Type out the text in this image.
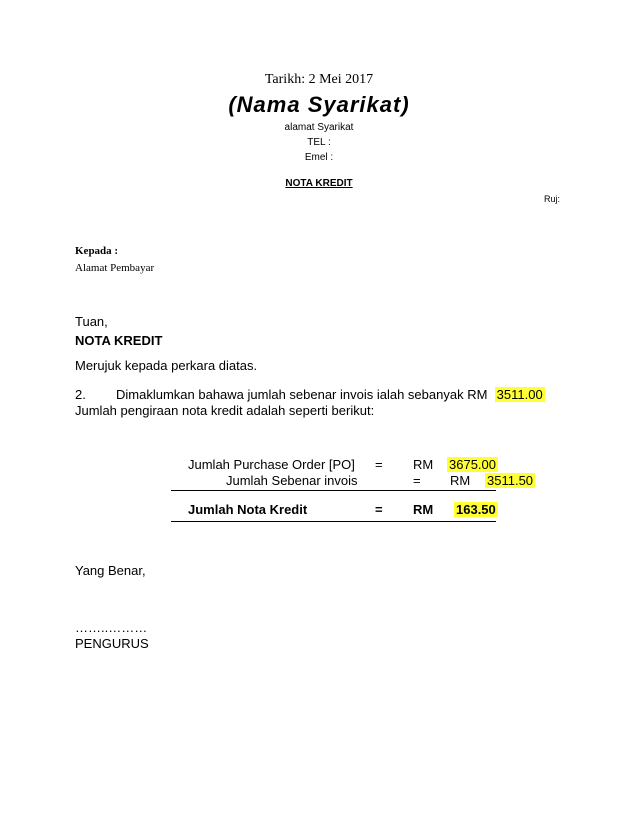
Tarikh: 2 Mei 2017
(Nama Syarikat)
alamat Syarikat
TEL :
Emel :
NOTA KREDIT
Ruj:
Kepada :
Alamat Pembayar
Tuan,
NOTA KREDIT
Merujuk kepada perkara diatas.
2. Dimaklumkan bahawa jumlah sebenar invois ialah sebanyak RM 3511.00
Jumlah pengiraan nota kredit adalah seperti berikut:
Jumlah Purchase Order [PO] = RM 3675.00
Jumlah Sebenar invois	= RM 3511.50
Jumlah Nota Kredit	= RM 163.50
Yang Benar,
……..………
PENGURUS
